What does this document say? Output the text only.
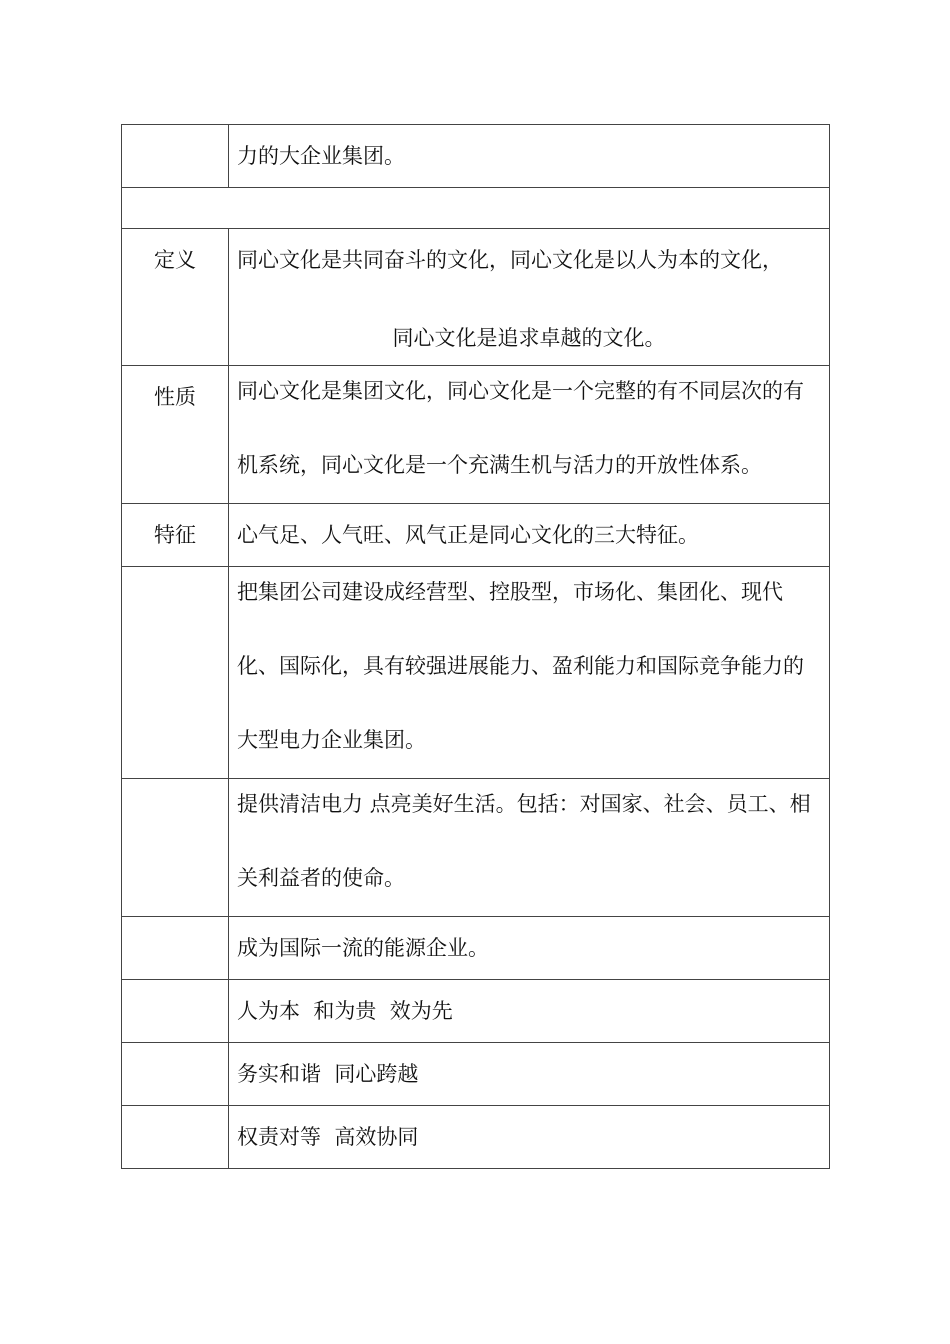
	力的大企业集团。

定义	同心文化是共同奋斗的文化，同心文化是以人为本的文化，
同心文化是追求卓越的文化。

性质	同心文化是集团文化，同心文化是一个完整的有不同层次的有机系统，同心文化是一个充满生机与活力的开放性体系。

特征	心气足、人气旺、风气正是同心文化的三大特征。

	把集团公司建设成经营型、控股型，市场化、集团化、现代化、国际化，具有较强进展能力、盈利能力和国际竞争能力的大型电力企业集团。

	提供清洁电力 点亮美好生活。包括：对国家、社会、员工、相关利益者的使命。

	成为国际一流的能源企业。

	人为本  和为贵  效为先

	务实和谐  同心跨越

	权责对等  高效协同
